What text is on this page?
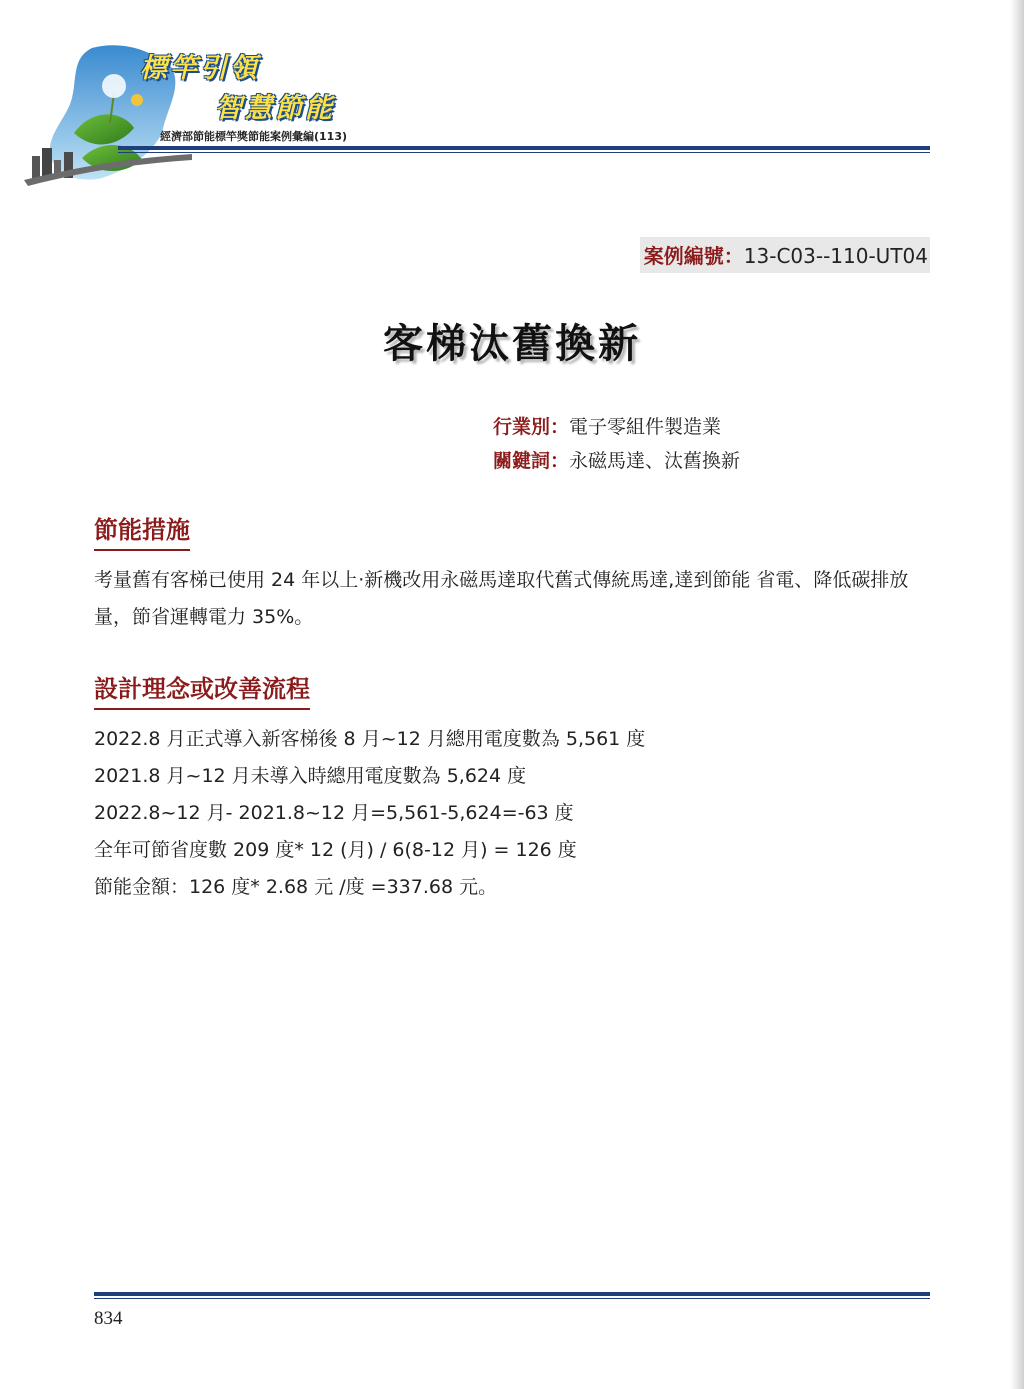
標竿引領
智慧節能
經濟部節能標竿獎節能案例彙編(113)
案例編號：13-C03--110-UT04
客梯汰舊換新
行業別：電子零組件製造業
關鍵詞：永磁馬達、汰舊換新
節能措施
考量舊有客梯已使用 24 年以上‧新機改用永磁馬達取代舊式傳統馬達,達到節能 省電、降低碳排放量，節省運轉電力 35%。
設計理念或改善流程
2022.8 月正式導入新客梯後 8 月~12 月總用電度數為 5,561 度
2021.8 月~12 月未導入時總用電度數為 5,624 度
2022.8~12 月- 2021.8~12 月=5,561-5,624=-63 度
全年可節省度數 209 度* 12 (月) / 6(8-12 月) = 126 度
節能金額：126 度* 2.68 元 /度 =337.68 元。
834
